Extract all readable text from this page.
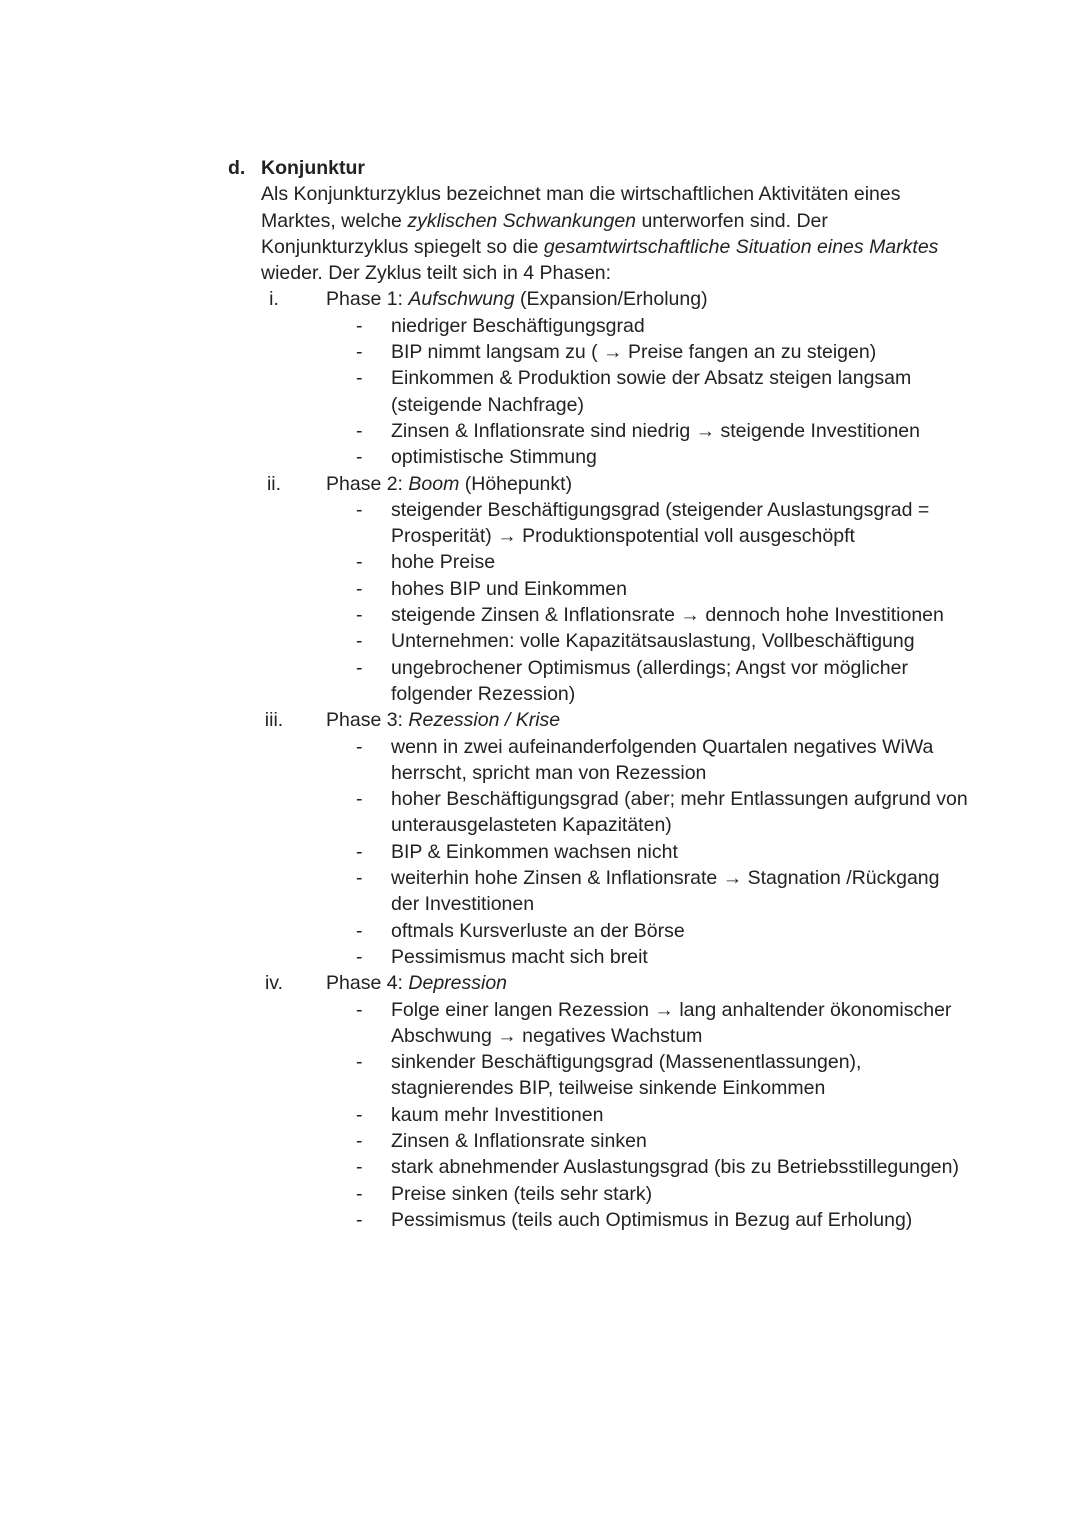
d. Konjunktur
Als Konjunkturzyklus bezeichnet man die wirtschaftlichen Aktivitäten eines Marktes, welche zyklischen Schwankungen unterworfen sind. Der Konjunkturzyklus spiegelt so die gesamtwirtschaftliche Situation eines Marktes wieder. Der Zyklus teilt sich in 4 Phasen:
i.	Phase 1: Aufschwung (Expansion/Erholung)
- niedriger Beschäftigungsgrad
- BIP nimmt langsam zu ( → Preise fangen an zu steigen)
- Einkommen & Produktion sowie der Absatz steigen langsam (steigende Nachfrage)
- Zinsen & Inflationsrate sind niedrig → steigende Investitionen
- optimistische Stimmung
ii.	Phase 2: Boom (Höhepunkt)
- steigender Beschäftigungsgrad (steigender Auslastungsgrad = Prosperität) → Produktionspotential voll ausgeschöpft
- hohe Preise
- hohes BIP und Einkommen
- steigende Zinsen & Inflationsrate → dennoch hohe Investitionen
- Unternehmen: volle Kapazitätsauslastung, Vollbeschäftigung
- ungebrochener Optimismus (allerdings; Angst vor möglicher folgender Rezession)
iii.	Phase 3: Rezession / Krise
- wenn in zwei aufeinanderfolgenden Quartalen negatives WiWa herrscht, spricht man von Rezession
- hoher Beschäftigungsgrad (aber; mehr Entlassungen aufgrund von unterausgelasteten Kapazitäten)
- BIP & Einkommen wachsen nicht
- weiterhin hohe Zinsen & Inflationsrate → Stagnation /Rückgang der Investitionen
- oftmals Kursverluste an der Börse
- Pessimismus macht sich breit
iv.	Phase 4: Depression
- Folge einer langen Rezession → lang anhaltender ökonomischer Abschwung → negatives Wachstum
- sinkender Beschäftigungsgrad (Massenentlassungen), stagnierendes BIP, teilweise sinkende Einkommen
- kaum mehr Investitionen
- Zinsen & Inflationsrate sinken
- stark abnehmender Auslastungsgrad (bis zu Betriebsstillegungen)
- Preise sinken (teils sehr stark)
- Pessimismus (teils auch Optimismus in Bezug auf Erholung)
